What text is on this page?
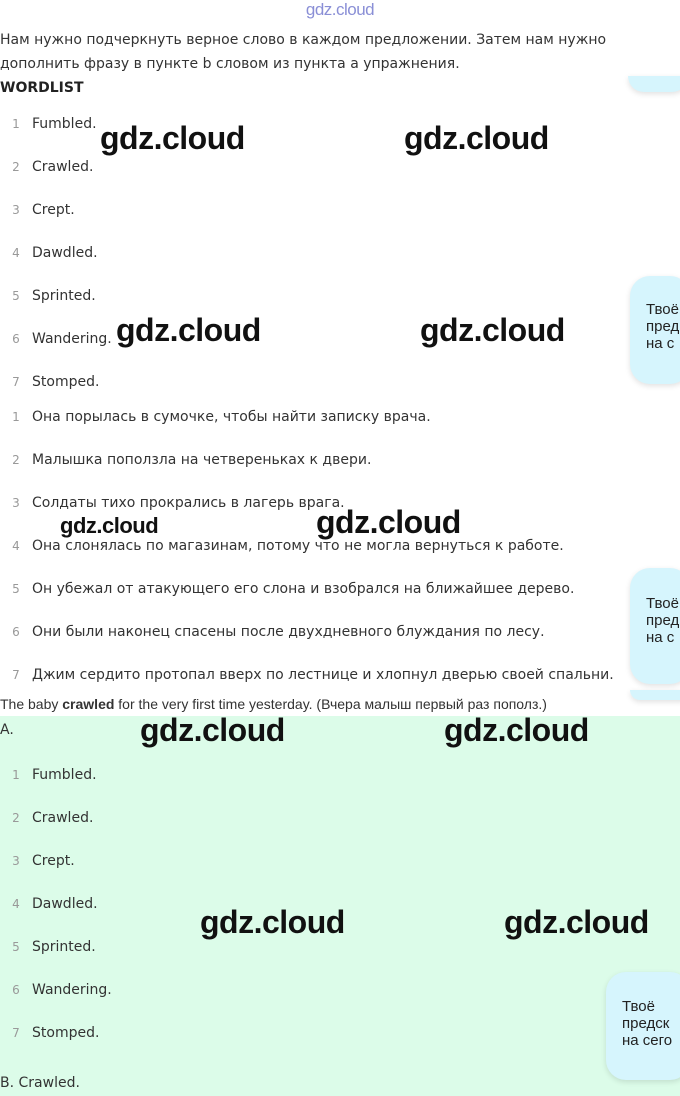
gdz.cloud
Нам нужно подчеркнуть верное слово в каждом предложении. Затем нам нужно
дополнить фразу в пункте b словом из пункта а упражнения.
WORDLIST
1 Fumbled.
2 Crawled.
3 Crept.
4 Dawdled.
5 Sprinted.
6 Wandering.
7 Stomped.
1 Она порылась в сумочке, чтобы найти записку врача.
2 Малышка поползла на четвереньках к двери.
3 Солдаты тихо прокрались в лагерь врага.
4 Она слонялась по магазинам, потому что не могла вернуться к работе.
5 Он убежал от атакующего его слона и взобрался на ближайшее дерево.
6 Они были наконец спасены после двухдневного блуждания по лесу.
7 Джим сердито протопал вверх по лестнице и хлопнул дверью своей спальни.
The baby crawled for the very first time yesterday. (Вчера малыш первый раз пополз.)
A.
1 Fumbled.
2 Crawled.
3 Crept.
4 Dawdled.
5 Sprinted.
6 Wandering.
7 Stomped.
B. Crawled.
gdz.cloud	gdz.cloud
gdz.cloud	gdz.cloud
gdz.cloud	gdz.cloud
gdz.cloud	gdz.cloud
gdz.cloud	gdz.cloud
Твоё
пред
на с
Твоё
пред
на с
Твоё
предск
на сего
